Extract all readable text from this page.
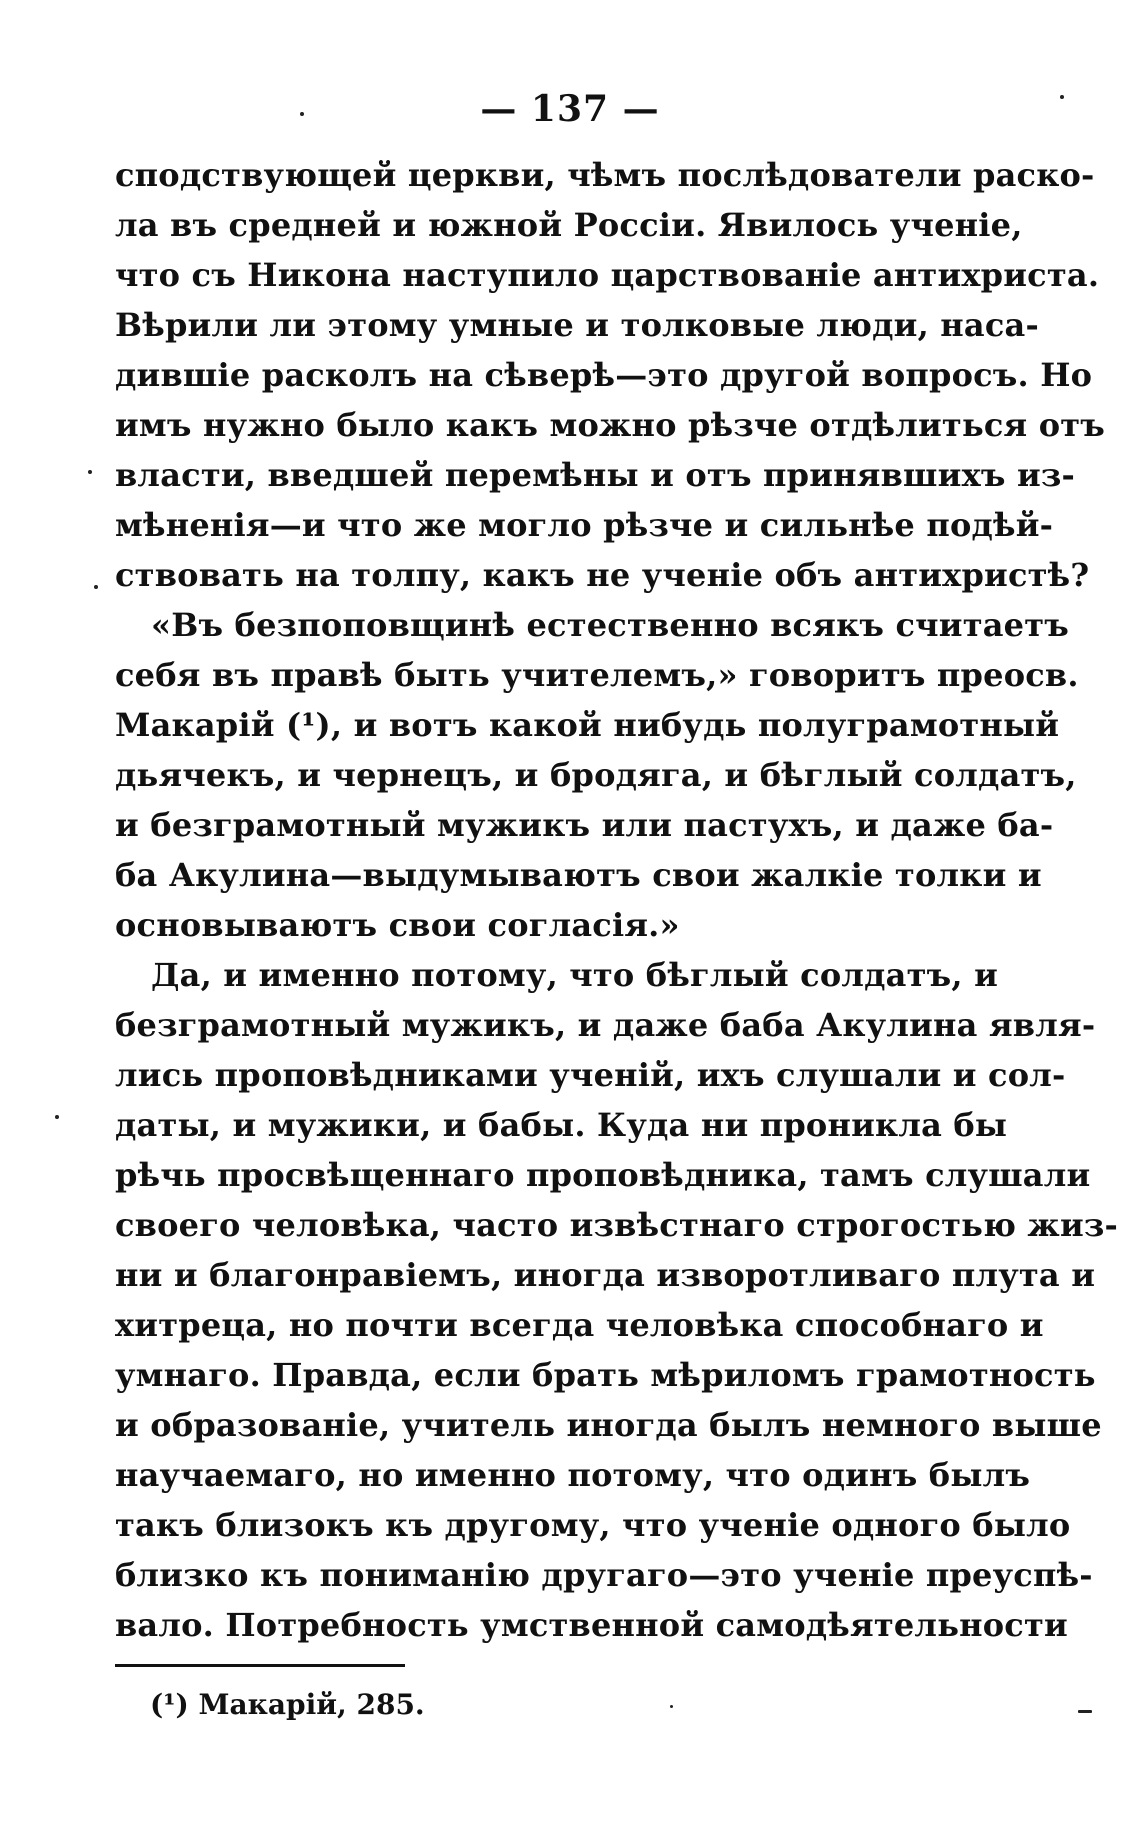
— 137 —
сподствующей церкви, чѣмъ послѣдователи раско-
ла въ средней и южной Россіи. Явилось ученіе,
что съ Никона наступило царствованіе антихриста.
Вѣрили ли этому умные и толковые люди, наса-
дившіе расколъ на сѣверѣ—это другой вопросъ. Но
имъ нужно было какъ можно рѣзче отдѣлиться отъ
власти, введшей перемѣны и отъ принявшихъ из-
мѣненія—и что же могло рѣзче и сильнѣе подѣй-
ствовать на толпу, какъ не ученіе объ антихристѣ?
«Въ безпоповщинѣ естественно всякъ считаетъ
себя въ правѣ быть учителемъ,» говоритъ преосв.
Макарій (¹), и вотъ какой нибудь полуграмотный
дьячекъ, и чернецъ, и бродяга, и бѣглый солдатъ,
и безграмотный мужикъ или пастухъ, и даже ба-
ба Акулина—выдумываютъ свои жалкіе толки и
основываютъ свои согласія.»
Да, и именно потому, что бѣглый солдатъ, и
безграмотный мужикъ, и даже баба Акулина явля-
лись проповѣдниками ученій, ихъ слушали и сол-
даты, и мужики, и бабы. Куда ни проникла бы
рѣчь просвѣщеннаго проповѣдника, тамъ слушали
своего человѣка, часто извѣстнаго строгостью жиз-
ни и благонравіемъ, иногда изворотливаго плута и
хитреца, но почти всегда человѣка способнаго и
умнаго. Правда, если брать мѣриломъ грамотность
и образованіе, учитель иногда былъ немного выше
научаемаго, но именно потому, что одинъ былъ
такъ близокъ къ другому, что ученіе одного было
близко къ пониманію другаго—это ученіе преуспѣ-
вало. Потребность умственной самодѣятельности
(¹) Макарій, 285.
